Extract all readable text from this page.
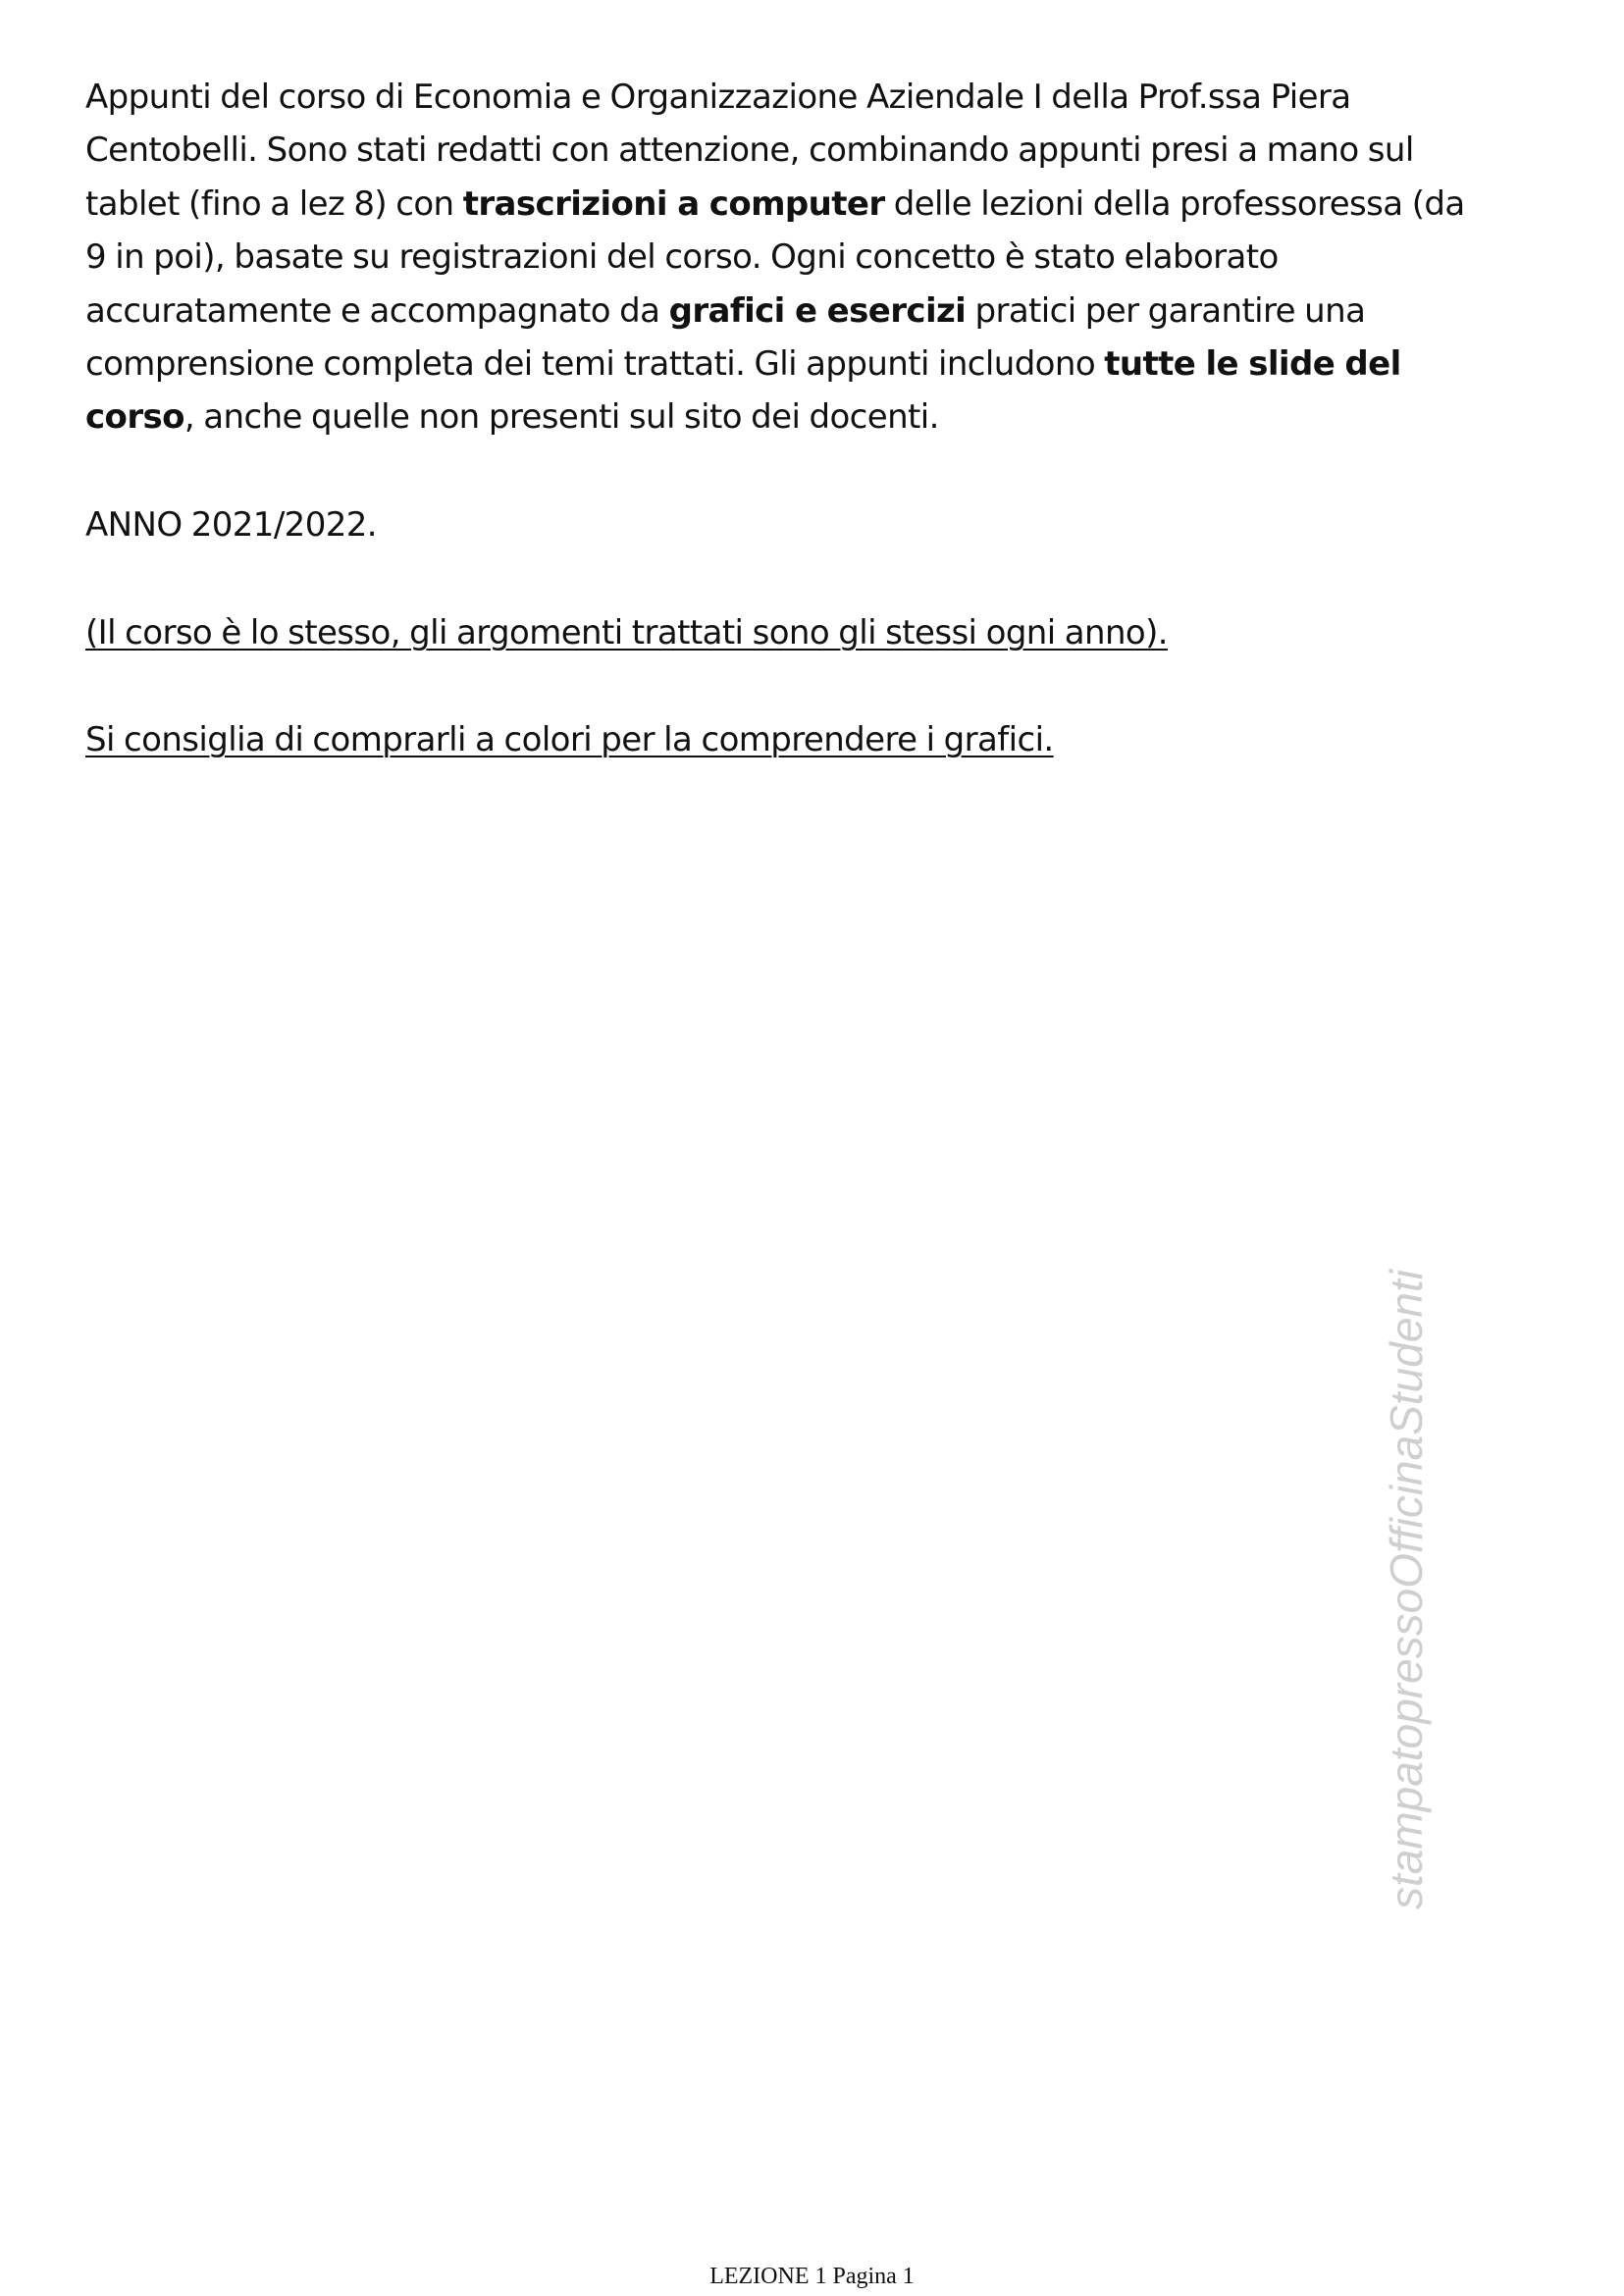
Appunti del corso di Economia e Organizzazione Aziendale I della Prof.ssa Piera
Centobelli. Sono stati redatti con attenzione, combinando appunti presi a mano sul
tablet (fino a lez 8) con trascrizioni a computer delle lezioni della professoressa (da
9 in poi), basate su registrazioni del corso. Ogni concetto è stato elaborato
accuratamente e accompagnato da grafici e esercizi pratici per garantire una
comprensione completa dei temi trattati. Gli appunti includono tutte le slide del
corso, anche quelle non presenti sul sito dei docenti.

ANNO 2021/2022.

(Il corso è lo stesso, gli argomenti trattati sono gli stessi ogni anno).

Si consiglia di comprarli a colori per la comprendere i grafici.

stampatopressoOfficinaStudenti

LEZIONE 1 Pagina 1
